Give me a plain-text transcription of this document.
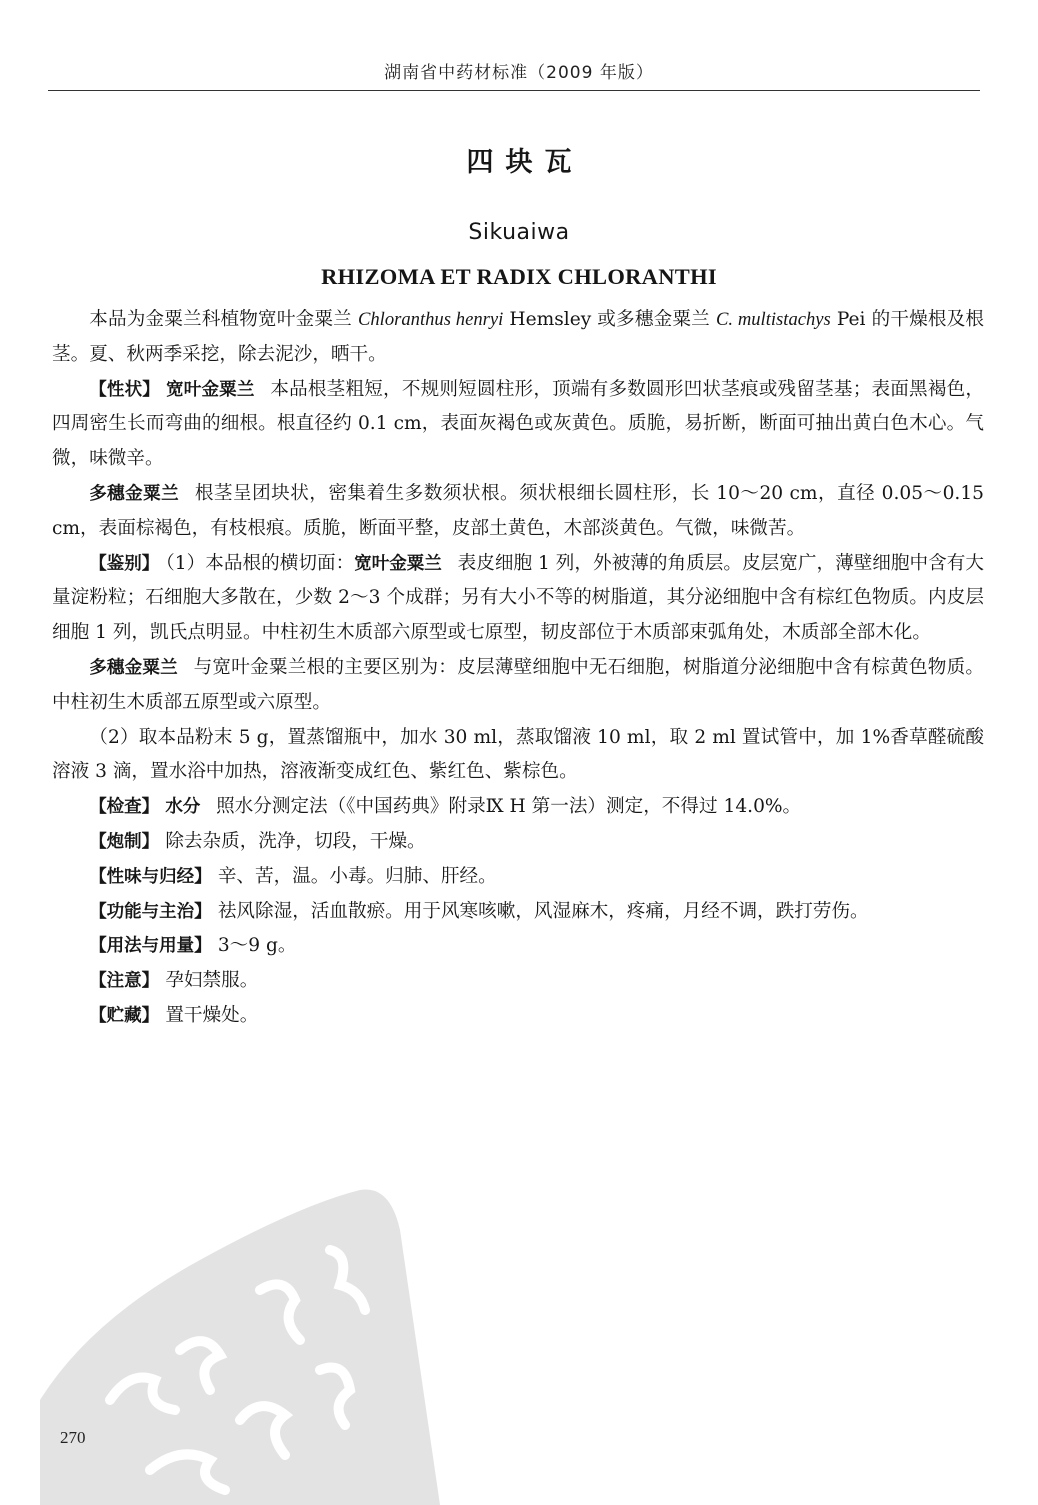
湖南省中药材标准（2009 年版）
四块瓦
Sikuaiwa
RHIZOMA ET RADIX CHLORANTHI

本品为金粟兰科植物宽叶金粟兰 Chloranthus henryi Hemsley 或多穗金粟兰 C. multistachys Pei 的干燥根及根茎。夏、秋两季采挖，除去泥沙，晒干。

【性状】 宽叶金粟兰 本品根茎粗短，不规则短圆柱形，顶端有多数圆形凹状茎痕或残留茎基；表面黑褐色，四周密生长而弯曲的细根。根直径约 0.1 cm，表面灰褐色或灰黄色。质脆，易折断，断面可抽出黄白色木心。气微，味微辛。

多穗金粟兰 根茎呈团块状，密集着生多数须状根。须状根细长圆柱形，长 10～20 cm，直径 0.05～0.15 cm，表面棕褐色，有枝根痕。质脆，断面平整，皮部土黄色，木部淡黄色。气微，味微苦。

【鉴别】 （1）本品根的横切面：宽叶金粟兰 表皮细胞 1 列，外被薄的角质层。皮层宽广，薄壁细胞中含有大量淀粉粒；石细胞大多散在，少数 2～3 个成群；另有大小不等的树脂道，其分泌细胞中含有棕红色物质。内皮层细胞 1 列，凯氏点明显。中柱初生木质部六原型或七原型，韧皮部位于木质部束弧角处，木质部全部木化。

多穗金粟兰 与宽叶金粟兰根的主要区别为：皮层薄壁细胞中无石细胞，树脂道分泌细胞中含有棕黄色物质。中柱初生木质部五原型或六原型。

（2）取本品粉末 5 g，置蒸馏瓶中，加水 30 ml，蒸取馏液 10 ml，取 2 ml 置试管中，加 1%香草醛硫酸溶液 3 滴，置水浴中加热，溶液渐变成红色、紫红色、紫棕色。

【检查】 水分 照水分测定法（《中国药典》附录Ⅸ H 第一法）测定，不得过 14.0%。

【炮制】 除去杂质，洗净，切段，干燥。

【性味与归经】 辛、苦，温。小毒。归肺、肝经。

【功能与主治】 祛风除湿，活血散瘀。用于风寒咳嗽，风湿麻木，疼痛，月经不调，跌打劳伤。

【用法与用量】 3～9 g。

【注意】 孕妇禁服。

【贮藏】 置干燥处。

270
